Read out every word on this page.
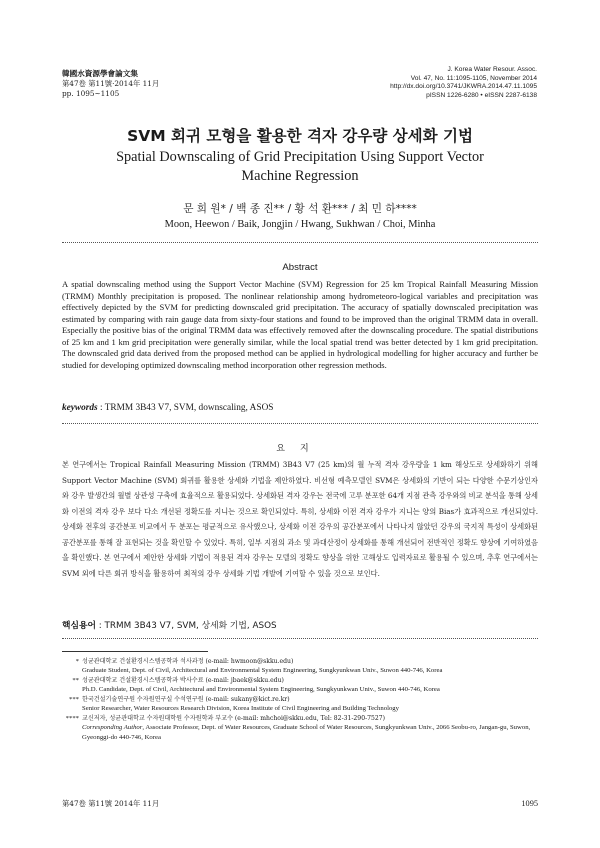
韓國水資源學會論文集
第47卷 第11號·2014年 11月
pp. 1095~1105
J. Korea Water Resour. Assoc.
Vol. 47, No. 11:1095-1105, November 2014
http://dx.doi.org/10.3741/JKWRA.2014.47.11.1095
pISSN 1226-6280 • eISSN 2287-6138
SVM 회귀 모형을 활용한 격자 강우량 상세화 기법
Spatial Downscaling of Grid Precipitation Using Support Vector
Machine Regression
문 희 원* / 백 종 진** / 황 석 환*** / 최 민 하****
Moon, Heewon / Baik, Jongjin / Hwang, Sukhwan / Choi, Minha
Abstract

A spatial downscaling method using the Support Vector Machine (SVM) Regression for 25 km Tropical Rainfall Measuring Mission (TRMM) Monthly precipitation is proposed. The nonlinear relationship among hydrometeoro-logical variables and precipitation was effectively depicted by the SVM for predicting downscaled grid precipitation. The accuracy of spatially downscaled precipitation was estimated by comparing with rain gauge data from sixty-four stations and found to be improved than the original TRMM data in overall. Especially the positive bias of the original TRMM data was effectively removed after the downscaling procedure. The spatial distributions of 25 km and 1 km grid precipitation were generally similar, while the local spatial trend was better detected by 1 km grid precipitation. The downscaled grid data derived from the proposed method can be applied in hydrological modelling for higher accuracy and further be studied for developing optimized downscaling method incorporation other regression methods.

keywords : TRMM 3B43 V7, SVM, downscaling, ASOS
요지

본 연구에서는 Tropical Rainfall Measuring Mission (TRMM) 3B43 V7 (25 km)의 월 누적 격자 강우량을 1 km 해상도로 상세화하기 위해 Support Vector Machine (SVM) 회귀를 활용한 상세화 기법을 제안하였다. 비선형 예측모델인 SVM은 상세화의 기반이 되는 다양한 수문기상인자와 강우 발생간의 월별 상관성 구축에 효율적으로 활용되었다. 상세화된 격자 강우는 전국에 고루 분포한 64개 지점 관측 강우와의 비교 분석을 통해 상세화 이전의 격자 강우 보다 다소 개선된 정확도를 지니는 것으로 확인되었다. 특히, 상세화 이전 격자 강우가 지니는 양의 Bias가 효과적으로 개선되었다. 상세화 전후의 공간분포 비교에서 두 분포는 평균적으로 유사했으나, 상세화 이전 강우의 공간분포에서 나타나지 않았던 강우의 국지적 특성이 상세화된 공간분포를 통해 잘 표현되는 것을 확인할 수 있었다. 특히, 일부 지점의 과소 및 과대산정이 상세화를 통해 개선되어 전반적인 정확도 향상에 기여하였음을 확인했다. 본 연구에서 제안한 상세화 기법이 적용된 격자 강우는 모델의 정확도 향상을 위한 고해상도 입력자료로 활용될 수 있으며, 추후 연구에서는 SVM 외에 다른 회귀 방식을 활용하여 최적의 강우 상세화 기법 개발에 기여할 수 있을 것으로 보인다.

핵심용어 : TRMM 3B43 V7, SVM, 상세화 기법, ASOS
* 성균관대학교 건설환경시스템공학과 석사과정 (e-mail: hwmoon@skku.edu)
Graduate Student, Dept. of Civil, Architectural and Environmental System Engineering, Sungkyunkwan Univ., Suwon 440-746, Korea
** 성균관대학교 건설환경시스템공학과 박사수료 (e-mail: jbaek@skku.edu)
Ph.D. Candidate, Dept. of Civil, Architectural and Environmental System Engineering, Sungkyunkwan Univ., Suwon 440-746, Korea
*** 한국건설기술연구원 수자원연구실 수석연구원 (e-mail: sukany@kict.re.kr)
Senior Researcher, Water Resources Research Division, Korea Institute of Civil Engineering and Building Technology
**** 교신저자, 성균관대학교 수자원대학원 수자원학과 부교수 (e-mail: mhchoi@skku.edu, Tel: 82-31-290-7527)
Corresponding Author, Associate Professor, Dept. of Water Resources, Graduate School of Water Resources, Sungkyunkwan Univ., 2066 Seobu-ro, Jangan-gu, Suwon, Gyeonggi-do 440-746, Korea
第47卷 第11號 2014年 11月	1095
